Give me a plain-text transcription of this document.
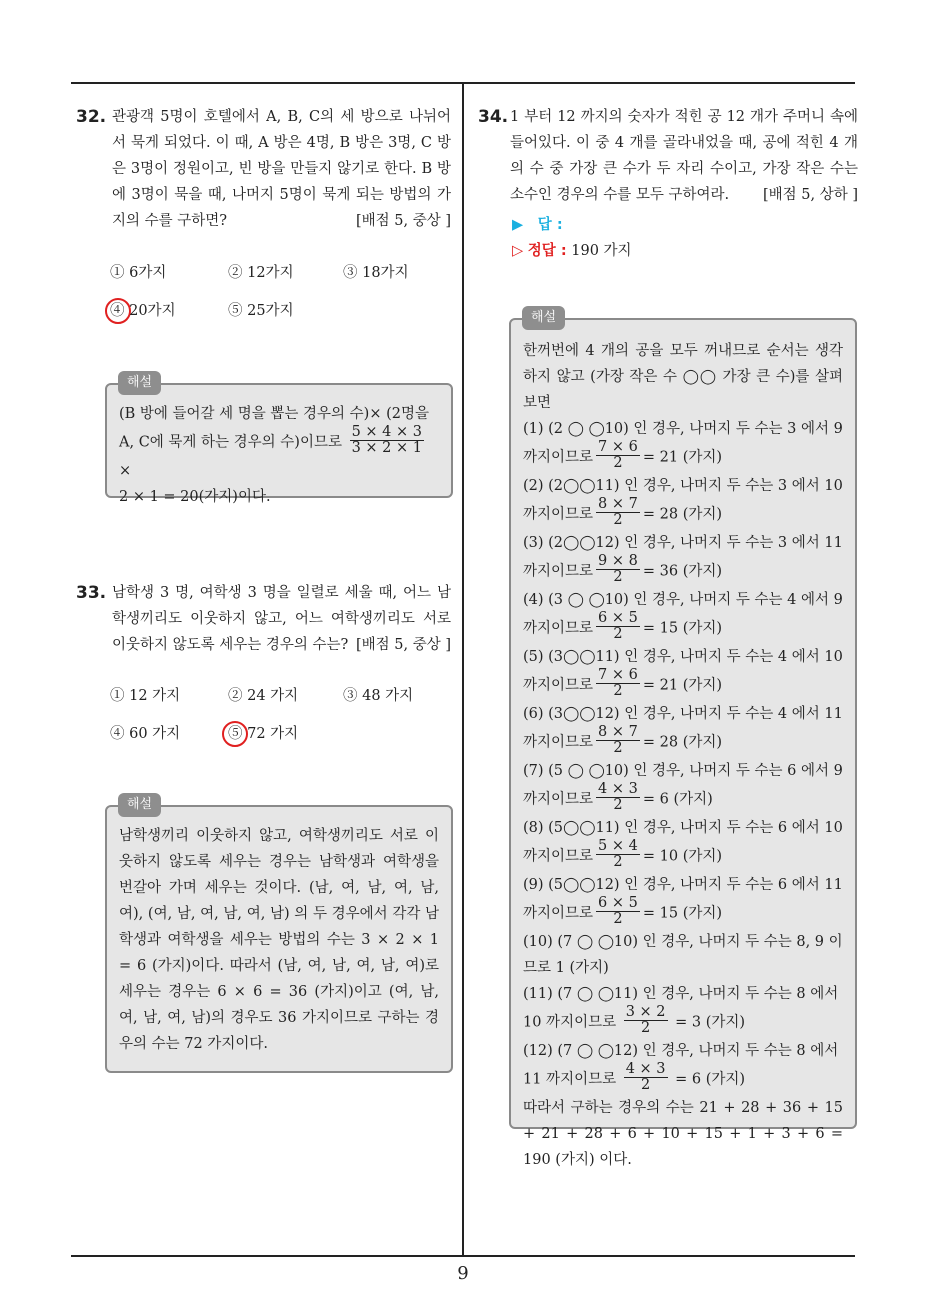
32. 관광객 5명이 호텔에서 A, B, C의 세 방으로 나뉘어서 묵게 되었다. 이 때, A 방은 4명, B 방은 3명, C 방은 3명이 정원이고, 빈 방을 만들지 않기로 한다. B 방에 3명이 묵을 때, 나머지 5명이 묵게 되는 방법의 가지의 수를 구하면?	[배점 5, 중상 ]
① 6가지	② 12가지	③ 18가지
④ 20가지	⑤ 25가지
(B 방에 들어갈 세 명을 뽑는 경우의 수)× (2명을
A, C에 묵게 하는 경우의 수)이므로 $\frac{5 \times 4 \times 3}{3 \times 2 \times 1}$
×
2 × 1 = 20(가지)이다.
해설
33. 남학생 3 명, 여학생 3 명을 일렬로 세울 때, 어느 남학생끼리도 이웃하지 않고, 어느 여학생끼리도 서로 이웃하지 않도록 세우는 경우의 수는? [배점 5, 중상 ]
① 12 가지	② 24 가지	③ 48 가지
④ 60 가지	⑤ 72 가지
남학생끼리 이웃하지 않고, 여학생끼리도 서로 이웃하지 않도록 세우는 경우는 남학생과 여학생을 번갈아 가며 세우는 것이다. (남, 여, 남, 여, 남, 여), (여, 남, 여, 남, 여, 남) 의 두 경우에서 각각 남학생과 여학생을 세우는 방법의 수는 3 × 2 × 1 = 6 (가지)이다. 따라서 (남, 여, 남, 여, 남, 여)로 세우는 경우는 6 × 6 = 36 (가지)이고 (여, 남, 여, 남, 여, 남)의 경우도 36 가지이므로 구하는 경우의 수는 72 가지이다.
해설
34. 1 부터 12 까지의 숫자가 적힌 공 12 개가 주머니 속에 들어있다. 이 중 4 개를 골라내었을 때, 공에 적힌 4 개의 수 중 가장 큰 수가 두 자리 수이고, 가장 작은 수는 소수인 경우의 수를 모두 구하여라. [배점 5, 상하 ]
▶ 답 :
▷ 정답 : 190 가지
한꺼번에 4 개의 공을 모두 꺼내므로 순서는 생각하지 않고 (가장 작은 수 ◯◯ 가장 큰 수)를 살펴보면
(1) (2 ◯ ◯10) 인 경우, 나머지 두 수는 3 에서 9
까지이므로 $\frac{7 \times 6}{2} = 21$ (가지)
(2) (2◯◯11) 인 경우, 나머지 두 수는 3 에서 10
까지이므로 $\frac{8 \times 7}{2} = 28$ (가지)
(3) (2◯◯12) 인 경우, 나머지 두 수는 3 에서 11
까지이므로 $\frac{9 \times 8}{2} = 36$ (가지)
(4) (3 ◯ ◯10) 인 경우, 나머지 두 수는 4 에서 9
까지이므로 $\frac{6 \times 5}{2} = 15$ (가지)
(5) (3◯◯11) 인 경우, 나머지 두 수는 4 에서 10
까지이므로 $\frac{7 \times 6}{2} = 21$ (가지)
(6) (3◯◯12) 인 경우, 나머지 두 수는 4 에서 11
까지이므로 $\frac{8 \times 7}{2} = 28$ (가지)
(7) (5 ◯ ◯10) 인 경우, 나머지 두 수는 6 에서 9
까지이므로 $\frac{4 \times 3}{2} = 6$ (가지)
(8) (5◯◯11) 인 경우, 나머지 두 수는 6 에서 10
까지이므로 $\frac{5 \times 4}{2} = 10$ (가지)
(9) (5◯◯12) 인 경우, 나머지 두 수는 6 에서 11
까지이므로 $\frac{6 \times 5}{2} = 15$ (가지)
(10) (7 ◯ ◯10) 인 경우, 나머지 두 수는 8, 9 이
므로 1 (가지)
(11) (7 ◯ ◯11) 인 경우, 나머지 두 수는 8 에서
10 까지이므로 $\frac{3 \times 2}{2} = 3$ (가지)
(12) (7 ◯ ◯12) 인 경우, 나머지 두 수는 8 에서
11 까지이므로 $\frac{4 \times 3}{2} = 6$ (가지)
따라서 구하는 경우의 수는 21 + 28 + 36 + 15 + 21 + 28 + 6 + 10 + 15 + 1 + 3 + 6 = 190 (가지) 이다.
해설
9
